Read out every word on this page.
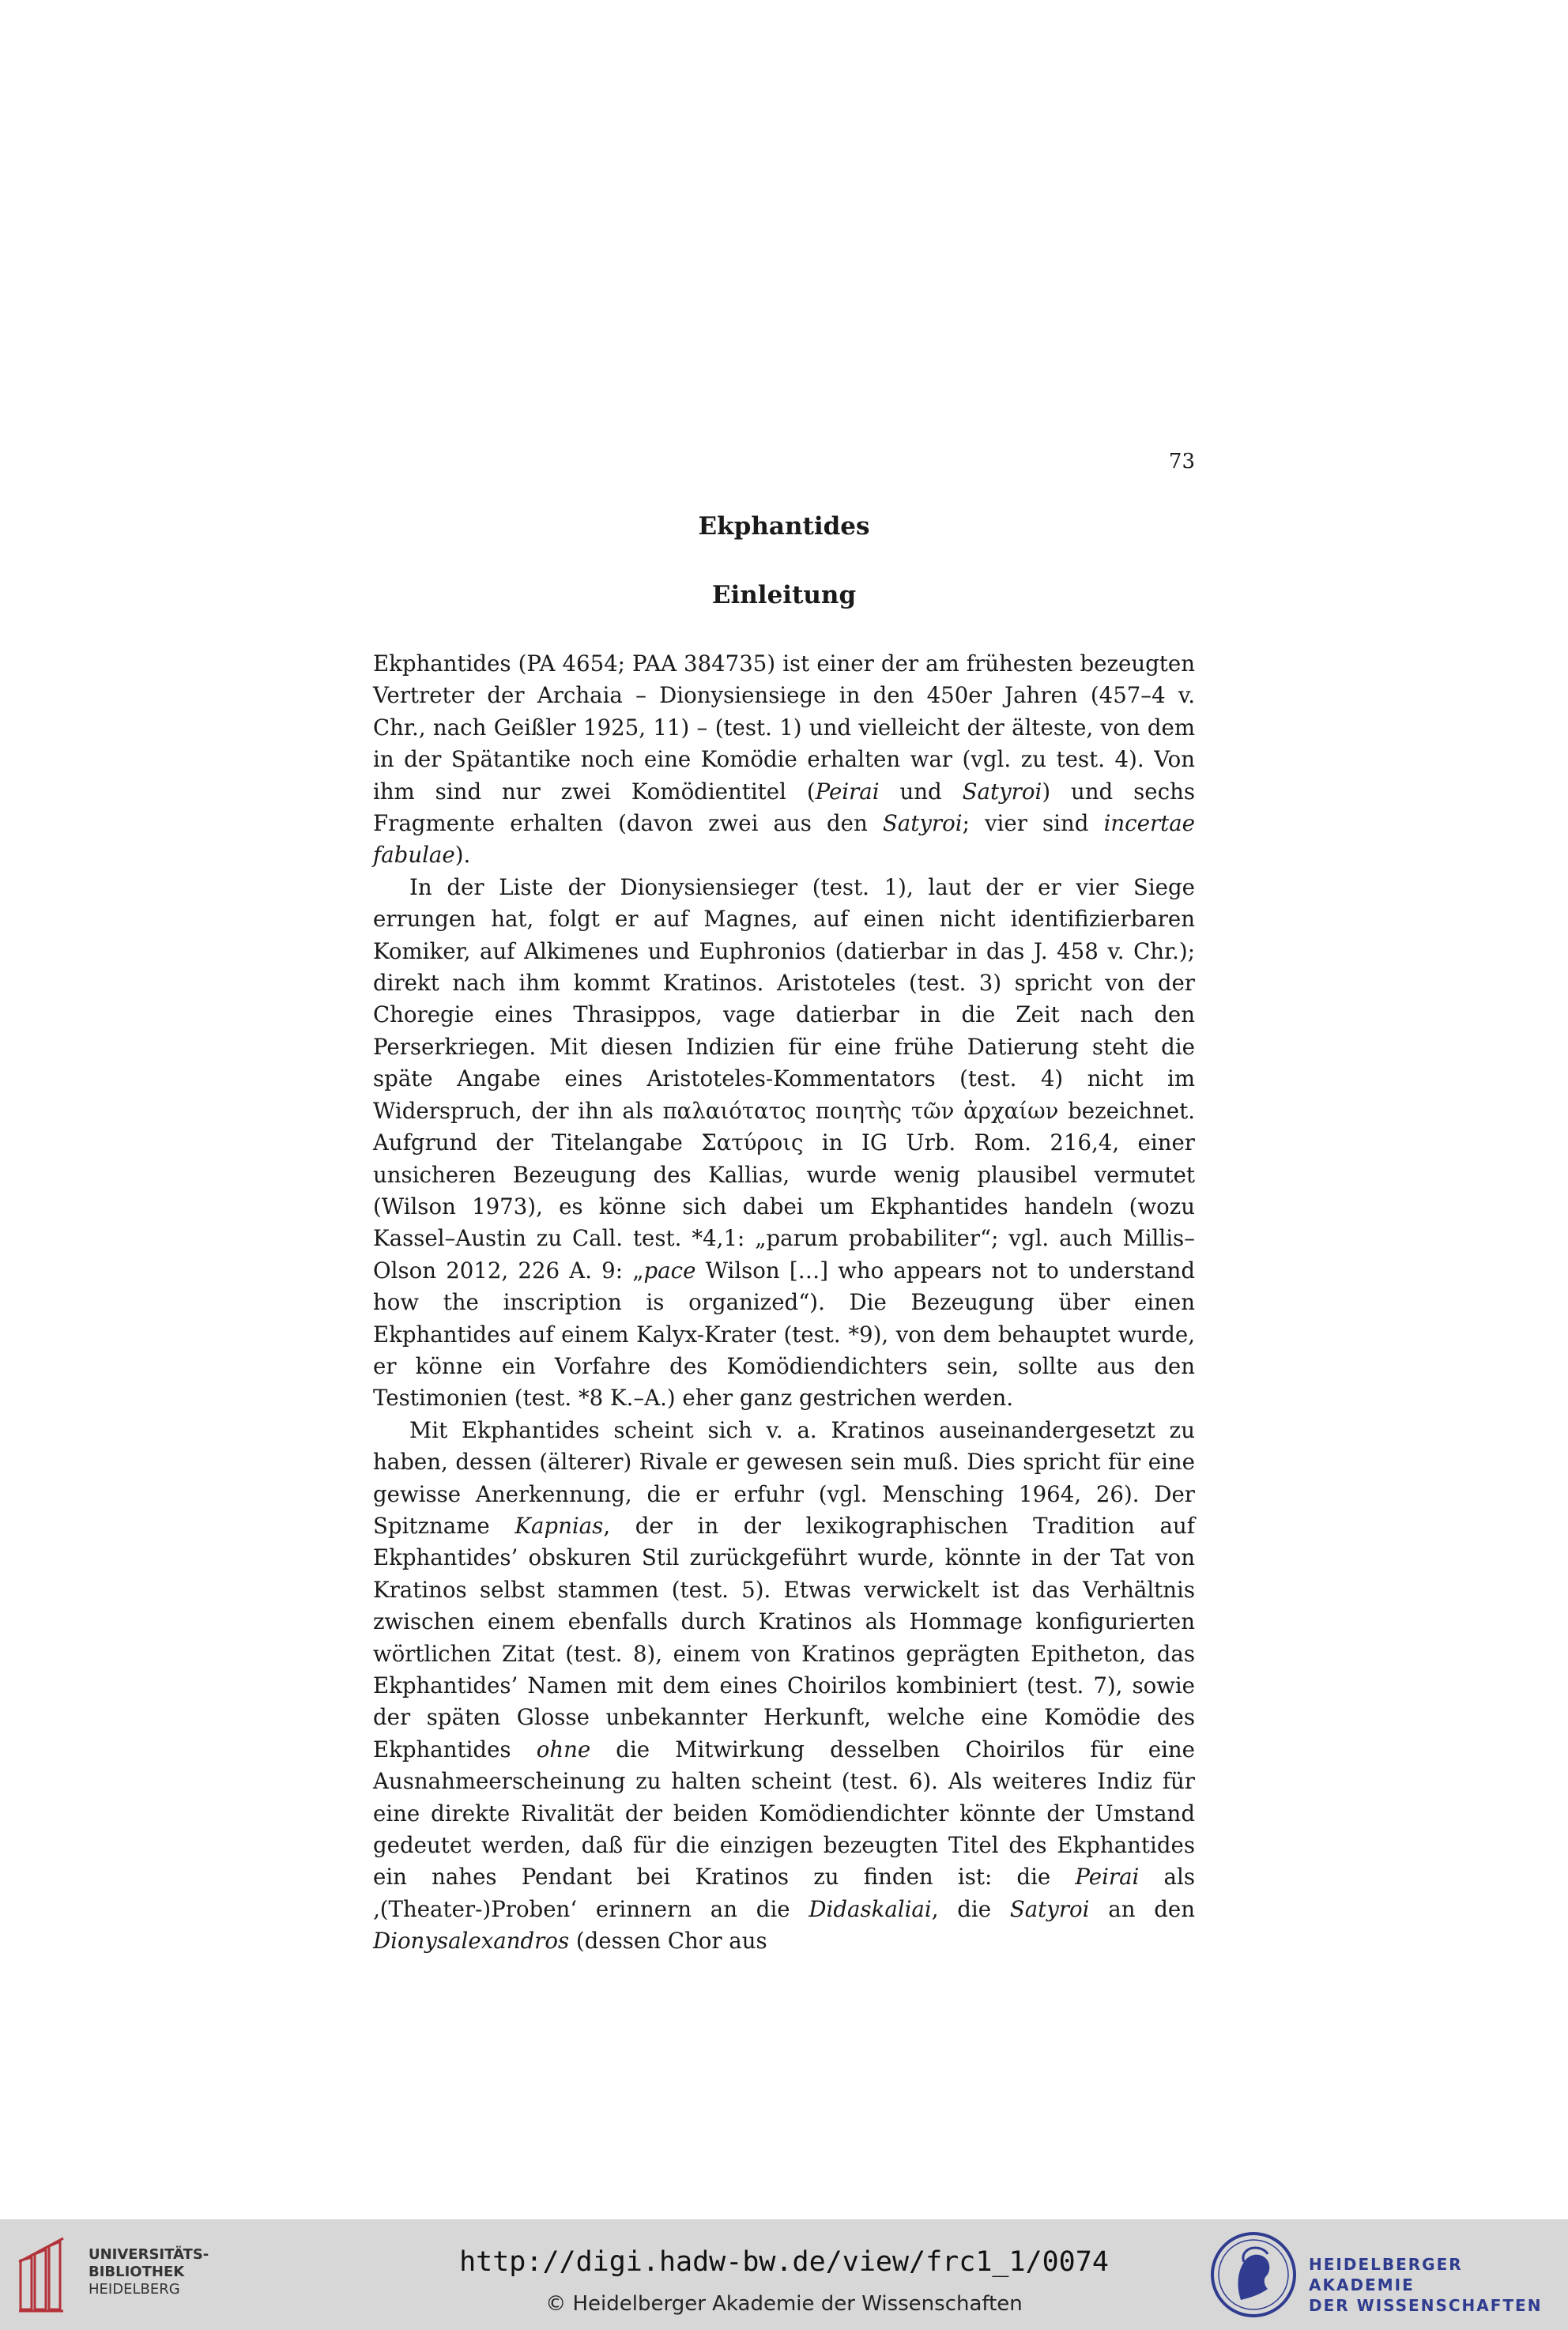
73
Ekphantides
Einleitung

Ekphantides (PA 4654; PAA 384735) ist einer der am frühesten bezeugten Vertreter der Archaia – Dionysiensiege in den 450er Jahren (457–4 v. Chr., nach Geißler 1925, 11) – (test. 1) und vielleicht der älteste, von dem in der Spätantike noch eine Komödie erhalten war (vgl. zu test. 4). Von ihm sind nur zwei Komödientitel (Peirai und Satyroi) und sechs Fragmente erhalten (davon zwei aus den Satyroi; vier sind incertae fabulae).

In der Liste der Dionysiensieger (test. 1), laut der er vier Siege errungen hat, folgt er auf Magnes, auf einen nicht identifizierbaren Komiker, auf Alkimenes und Euphronios (datierbar in das J. 458 v. Chr.); direkt nach ihm kommt Kratinos. Aristoteles (test. 3) spricht von der Choregie eines Thrasippos, vage datierbar in die Zeit nach den Perserkriegen. Mit diesen Indizien für eine frühe Datierung steht die späte Angabe eines Aristoteles-Kommentators (test. 4) nicht im Widerspruch, der ihn als παλαιότατος ποιητὴς τῶν ἀρχαίων bezeichnet. Aufgrund der Titelangabe Σατύροις in IG Urb. Rom. 216,4, einer unsicheren Bezeugung des Kallias, wurde wenig plausibel vermutet (Wilson 1973), es könne sich dabei um Ekphantides handeln (wozu Kassel–Austin zu Call. test. *4,1: „parum probabiliter“; vgl. auch Millis–Olson 2012, 226 A. 9: „pace Wilson […] who appears not to understand how the inscription is organized“). Die Bezeugung über einen Ekphantides auf einem Kalyx-Krater (test. *9), von dem behauptet wurde, er könne ein Vorfahre des Komödiendichters sein, sollte aus den Testimonien (test. *8 K.–A.) eher ganz gestrichen werden.

Mit Ekphantides scheint sich v. a. Kratinos auseinandergesetzt zu haben, dessen (älterer) Rivale er gewesen sein muß. Dies spricht für eine gewisse Anerkennung, die er erfuhr (vgl. Mensching 1964, 26). Der Spitzname Kapnias, der in der lexikographischen Tradition auf Ekphantides’ obskuren Stil zurückgeführt wurde, könnte in der Tat von Kratinos selbst stammen (test. 5). Etwas verwickelt ist das Verhältnis zwischen einem ebenfalls durch Kratinos als Hommage konfigurierten wörtlichen Zitat (test. 8), einem von Kratinos geprägten Epitheton, das Ekphantides’ Namen mit dem eines Choirilos kombiniert (test. 7), sowie der späten Glosse unbekannter Herkunft, welche eine Komödie des Ekphantides ohne die Mitwirkung desselben Choirilos für eine Ausnahmeerscheinung zu halten scheint (test. 6). Als weiteres Indiz für eine direkte Rivalität der beiden Komödiendichter könnte der Umstand gedeutet werden, daß für die einzigen bezeugten Titel des Ekphantides ein nahes Pendant bei Kratinos zu finden ist: die Peirai als ‚(Theater-)Proben‘ erinnern an die Didaskaliai, die Satyroi an den Dionysalexandros (dessen Chor aus

UNIVERSITÄTS-
BIBLIOTHEK
HEIDELBERG
http://digi.hadw-bw.de/view/frc1_1/0074
© Heidelberger Akademie der Wissenschaften
HEIDELBERGER AKADEMIE
DER WISSENSCHAFTEN
